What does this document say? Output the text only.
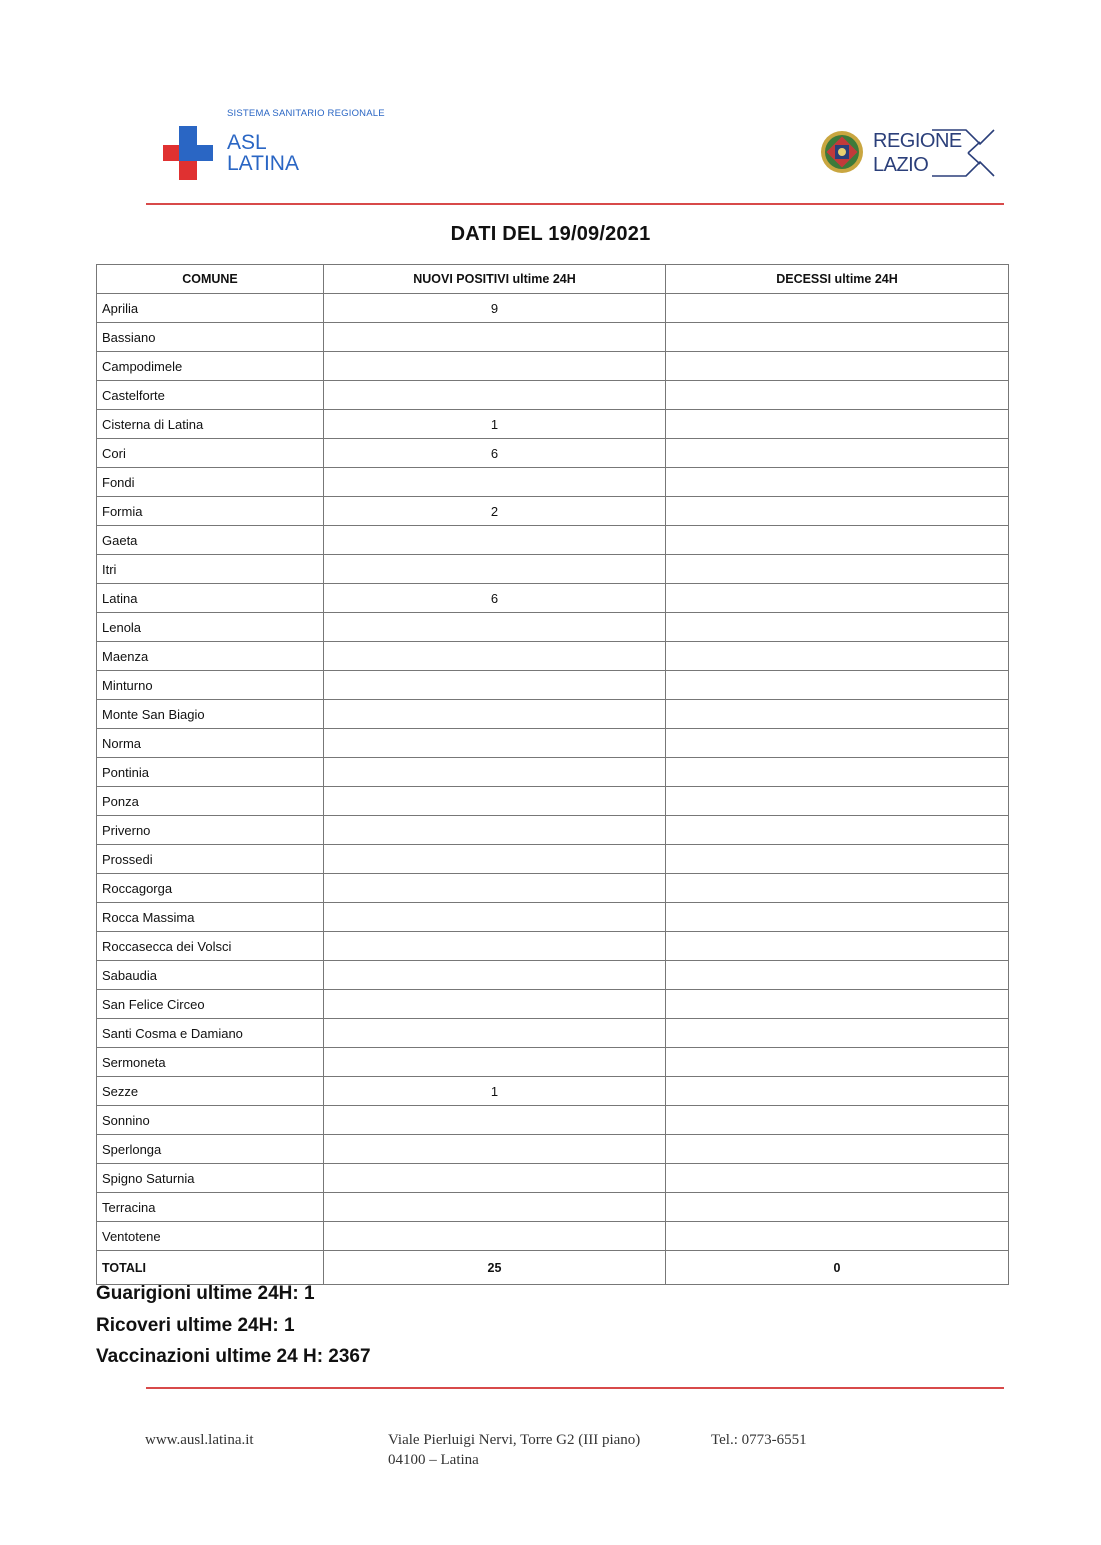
SISTEMA SANITARIO REGIONALE
ASL
LATINA
REGIONE
LAZIO
DATI DEL 19/09/2021
COMUNE	NUOVI POSITIVI ultime 24H	DECESSI ultime 24H
Aprilia	9	
Bassiano		
Campodimele		
Castelforte		
Cisterna di Latina	1	
Cori	6	
Fondi		
Formia	2	
Gaeta		
Itri		
Latina	6	
Lenola		
Maenza		
Minturno		
Monte San Biagio		
Norma		
Pontinia		
Ponza		
Priverno		
Prossedi		
Roccagorga		
Rocca Massima		
Roccasecca dei Volsci		
Sabaudia		
San Felice Circeo		
Santi Cosma e Damiano		
Sermoneta		
Sezze	1	
Sonnino		
Sperlonga		
Spigno Saturnia		
Terracina		
Ventotene		
TOTALI	25	0
Guarigioni ultime 24H: 1
Ricoveri ultime 24H: 1
Vaccinazioni ultime 24 H: 2367
www.ausl.latina.it	Viale Pierluigi Nervi, Torre G2 (III piano)
04100 – Latina
Tel.: 0773-6551
